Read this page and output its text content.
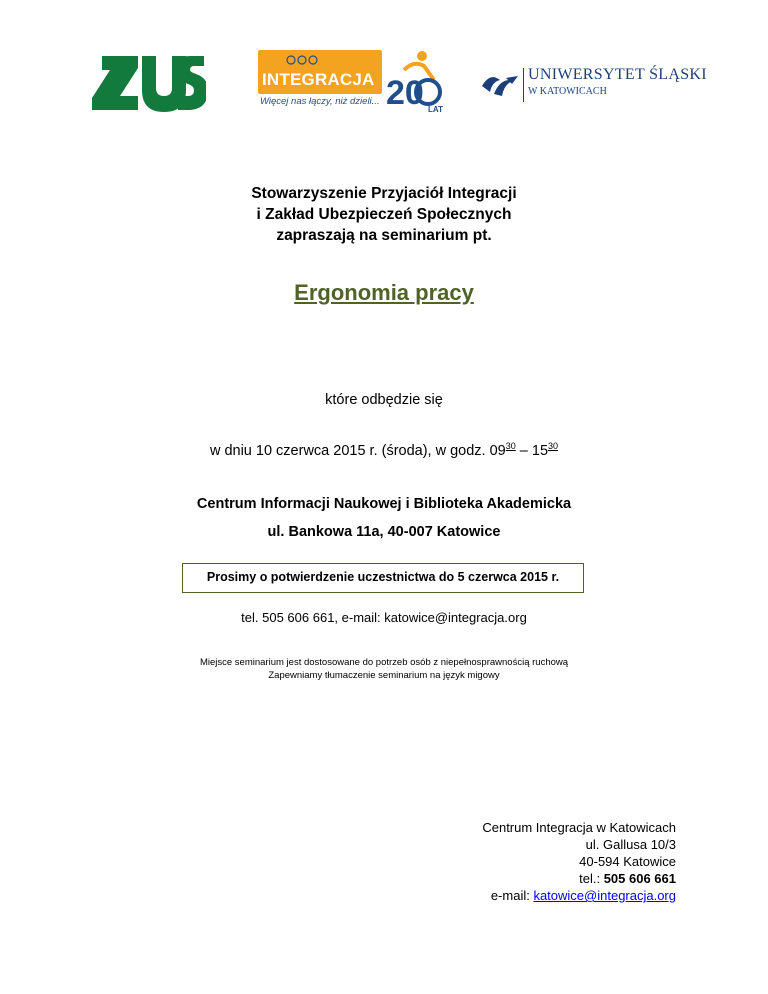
INTEGRACJA
Więcej nas łączy, niż dzieli... 20 LAT
UNIWERSYTET ŚLĄSKI
W KATOWICACH
Stowarzyszenie Przyjaciół Integracji
i Zakład Ubezpieczeń Społecznych
zapraszają na seminarium pt.
Ergonomia pracy
które odbędzie się
w dniu 10 czerwca 2015 r. (środa), w godz. $09^{30} - 15^{30}$
Centrum Informacji Naukowej i Biblioteka Akademicka
ul. Bankowa 11a, 40-007 Katowice
Prosimy o potwierdzenie uczestnictwa do 5 czerwca 2015 r.
tel. 505 606 661, e-mail: katowice@integracja.org
Miejsce seminarium jest dostosowane do potrzeb osób z niepełnosprawnością ruchową
Zapewniamy tłumaczenie seminarium na język migowy
Centrum Integracja w Katowicach
ul. Gallusa 10/3
40-594 Katowice
tel.: 505 606 661
e-mail: katowice@integracja.org
